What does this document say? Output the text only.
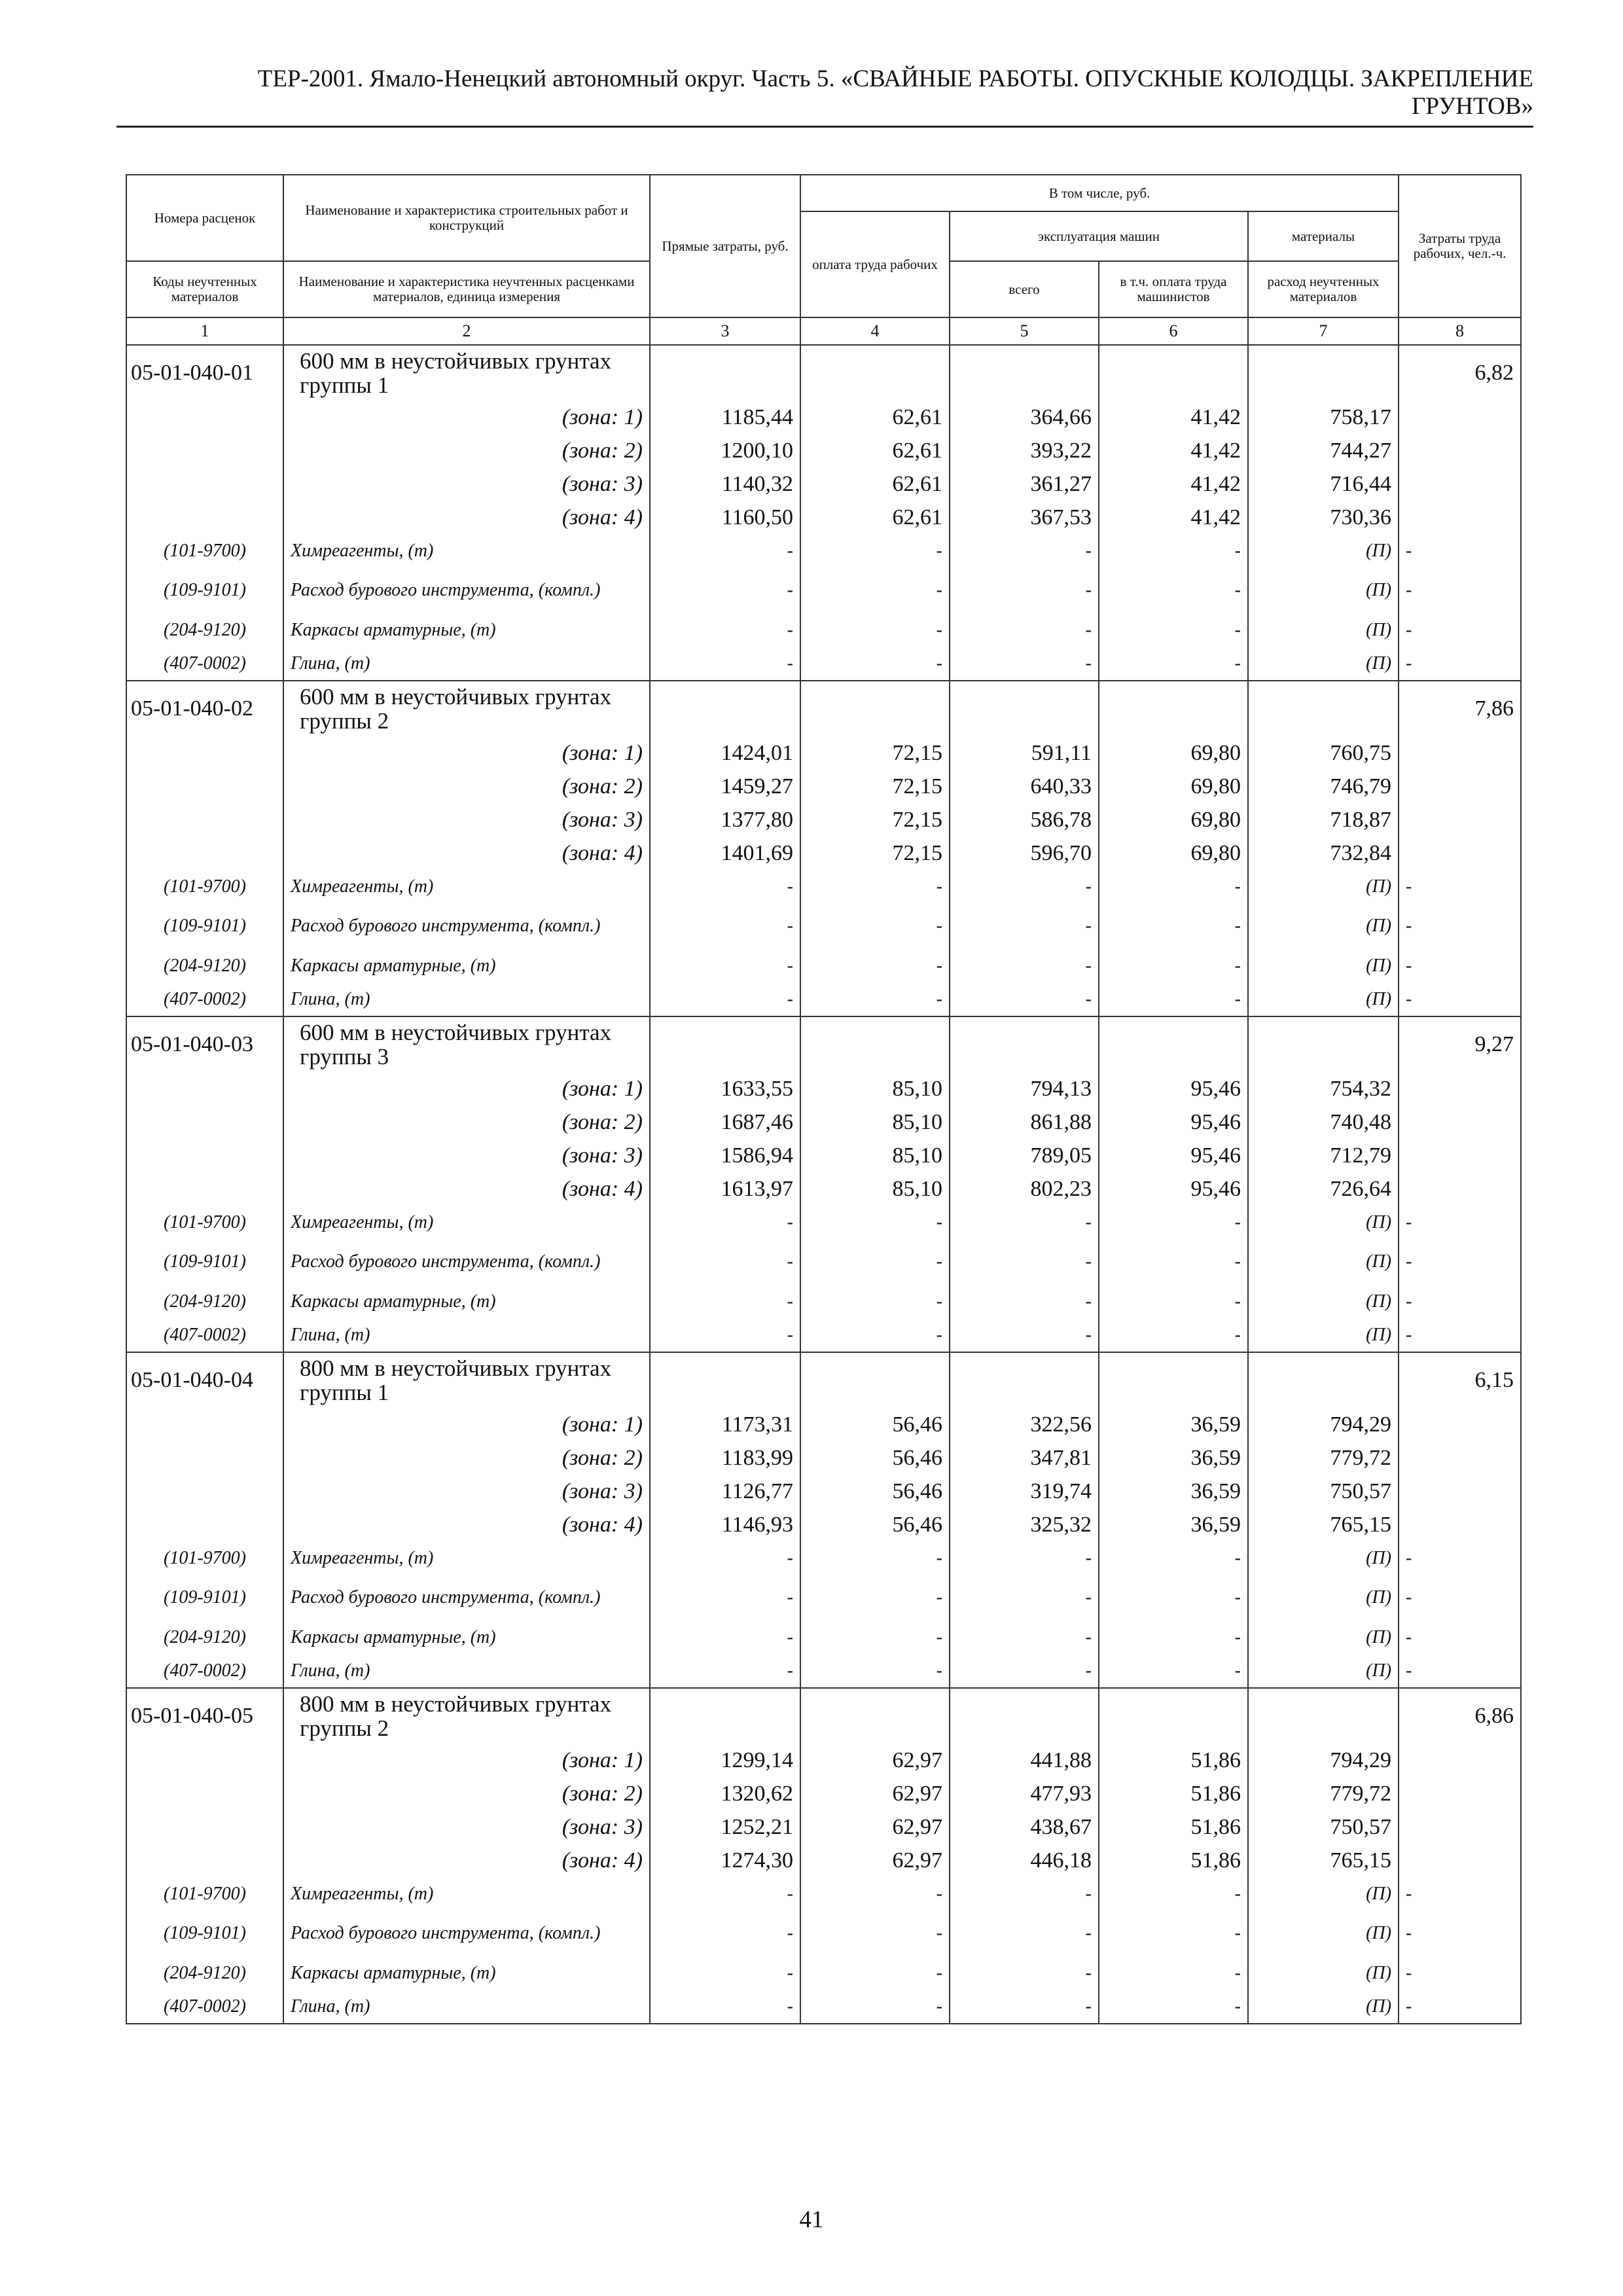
ТЕР-2001. Ямало-Ненецкий автономный округ. Часть 5. «СВАЙНЫЕ РАБОТЫ. ОПУСКНЫЕ КОЛОДЦЫ. ЗАКРЕПЛЕНИЕ
ГРУНТОВ»
Номера расценок	Наименование и характеристика строительных работ и конструкций	Прямые затраты, руб.	В том числе, руб.				Затраты труда рабочих, чел.-ч.
			оплата труда рабочих	эксплуатация машин		материалы	
Коды неучтенных материалов	Наименование и характеристика неучтенных расценками материалов, единица измерения			всего	в т.ч. оплата труда машинистов	расход неучтенных материалов	
1	2	3	4	5	6	7	8
05-01-040-01	600 мм в неустойчивых грунтах группы 1						6,82
	(зона: 1)	1185,44	62,61	364,66	41,42	758,17	
	(зона: 2)	1200,10	62,61	393,22	41,42	744,27	
	(зона: 3)	1140,32	62,61	361,27	41,42	716,44	
	(зона: 4)	1160,50	62,61	367,53	41,42	730,36	
(101-9700)	Химреагенты, (т)	-	-	-	-	(П)	-
(109-9101)	Расход бурового инструмента, (компл.)	-	-	-	-	(П)	-
(204-9120)	Каркасы арматурные, (т)	-	-	-	-	(П)	-
(407-0002)	Глина, (т)	-	-	-	-	(П)	-
05-01-040-02	600 мм в неустойчивых грунтах группы 2						7,86
	(зона: 1)	1424,01	72,15	591,11	69,80	760,75	
	(зона: 2)	1459,27	72,15	640,33	69,80	746,79	
	(зона: 3)	1377,80	72,15	586,78	69,80	718,87	
	(зона: 4)	1401,69	72,15	596,70	69,80	732,84	
(101-9700)	Химреагенты, (т)	-	-	-	-	(П)	-
(109-9101)	Расход бурового инструмента, (компл.)	-	-	-	-	(П)	-
(204-9120)	Каркасы арматурные, (т)	-	-	-	-	(П)	-
(407-0002)	Глина, (т)	-	-	-	-	(П)	-
05-01-040-03	600 мм в неустойчивых грунтах группы 3						9,27
	(зона: 1)	1633,55	85,10	794,13	95,46	754,32	
	(зона: 2)	1687,46	85,10	861,88	95,46	740,48	
	(зона: 3)	1586,94	85,10	789,05	95,46	712,79	
	(зона: 4)	1613,97	85,10	802,23	95,46	726,64	
(101-9700)	Химреагенты, (т)	-	-	-	-	(П)	-
(109-9101)	Расход бурового инструмента, (компл.)	-	-	-	-	(П)	-
(204-9120)	Каркасы арматурные, (т)	-	-	-	-	(П)	-
(407-0002)	Глина, (т)	-	-	-	-	(П)	-
05-01-040-04	800 мм в неустойчивых грунтах группы 1						6,15
	(зона: 1)	1173,31	56,46	322,56	36,59	794,29	
	(зона: 2)	1183,99	56,46	347,81	36,59	779,72	
	(зона: 3)	1126,77	56,46	319,74	36,59	750,57	
	(зона: 4)	1146,93	56,46	325,32	36,59	765,15	
(101-9700)	Химреагенты, (т)	-	-	-	-	(П)	-
(109-9101)	Расход бурового инструмента, (компл.)	-	-	-	-	(П)	-
(204-9120)	Каркасы арматурные, (т)	-	-	-	-	(П)	-
(407-0002)	Глина, (т)	-	-	-	-	(П)	-
05-01-040-05	800 мм в неустойчивых грунтах группы 2						6,86
	(зона: 1)	1299,14	62,97	441,88	51,86	794,29	
	(зона: 2)	1320,62	62,97	477,93	51,86	779,72	
	(зона: 3)	1252,21	62,97	438,67	51,86	750,57	
	(зона: 4)	1274,30	62,97	446,18	51,86	765,15	
(101-9700)	Химреагенты, (т)	-	-	-	-	(П)	-
(109-9101)	Расход бурового инструмента, (компл.)	-	-	-	-	(П)	-
(204-9120)	Каркасы арматурные, (т)	-	-	-	-	(П)	-
(407-0002)	Глина, (т)	-	-	-	-	(П)	-
41
